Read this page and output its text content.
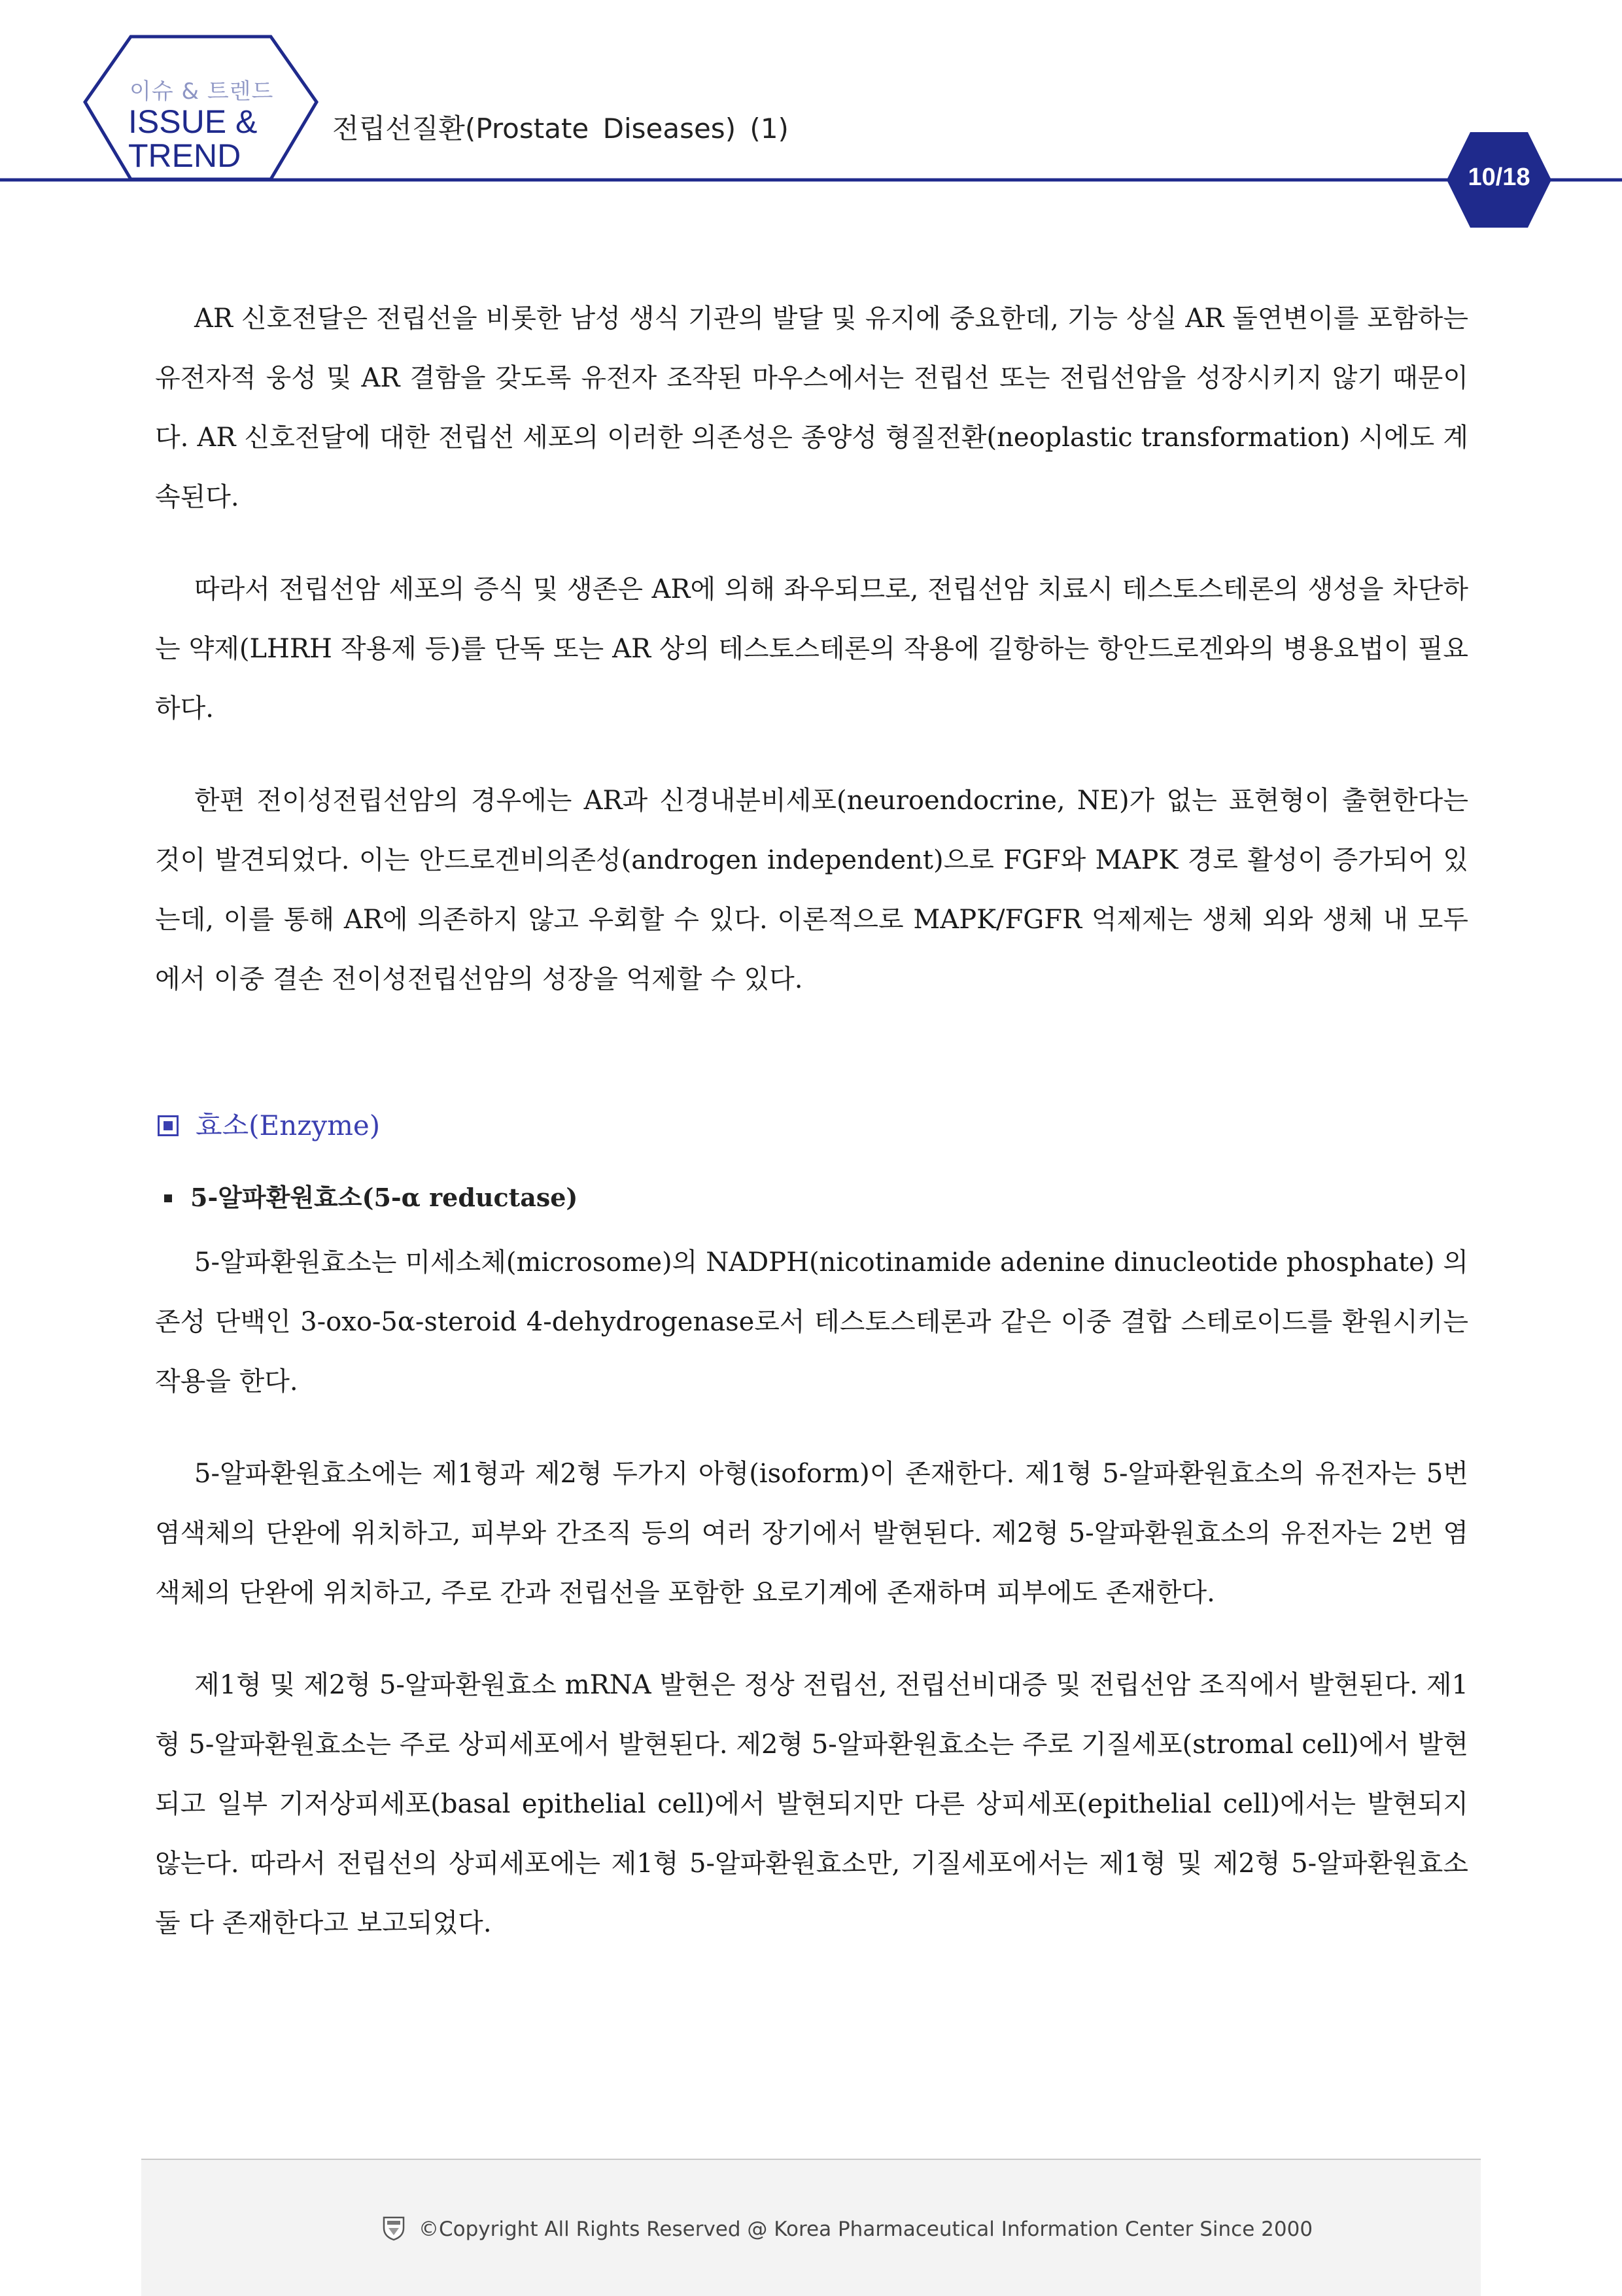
이슈 & 트렌드
ISSUE &
TREND
전립선질환(Prostate Diseases) (1)
10/18

AR 신호전달은 전립선을 비롯한 남성 생식 기관의 발달 및 유지에 중요한데, 기능 상실 AR 돌연변이를 포함하는 유전자적 웅성 및 AR 결함을 갖도록 유전자 조작된 마우스에서는 전립선 또는 전립선암을 성장시키지 않기 때문이다. AR 신호전달에 대한 전립선 세포의 이러한 의존성은 종양성 형질전환(neoplastic transformation) 시에도 계속된다.

따라서 전립선암 세포의 증식 및 생존은 AR에 의해 좌우되므로, 전립선암 치료시 테스토스테론의 생성을 차단하는 약제(LHRH 작용제 등)를 단독 또는 AR 상의 테스토스테론의 작용에 길항하는 항안드로겐와의 병용요법이 필요하다.

한편 전이성전립선암의 경우에는 AR과 신경내분비세포(neuroendocrine, NE)가 없는 표현형이 출현한다는 것이 발견되었다. 이는 안드로겐비의존성(androgen independent)으로 FGF와 MAPK 경로 활성이 증가되어 있는데, 이를 통해 AR에 의존하지 않고 우회할 수 있다. 이론적으로 MAPK/FGFR 억제제는 생체 외와 생체 내 모두에서 이중 결손 전이성전립선암의 성장을 억제할 수 있다.

효소(Enzyme)
5-알파환원효소(5-α reductase)

5-알파환원효소는 미세소체(microsome)의 NADPH(nicotinamide adenine dinucleotide phosphate) 의존성 단백인 3-oxo-5α-steroid 4-dehydrogenase로서 테스토스테론과 같은 이중 결합 스테로이드를 환원시키는 작용을 한다.

5-알파환원효소에는 제1형과 제2형 두가지 아형(isoform)이 존재한다. 제1형 5-알파환원효소의 유전자는 5번 염색체의 단완에 위치하고, 피부와 간조직 등의 여러 장기에서 발현된다. 제2형 5-알파환원효소의 유전자는 2번 염색체의 단완에 위치하고, 주로 간과 전립선을 포함한 요로기계에 존재하며 피부에도 존재한다.

제1형 및 제2형 5-알파환원효소 mRNA 발현은 정상 전립선, 전립선비대증 및 전립선암 조직에서 발현된다. 제1형 5-알파환원효소는 주로 상피세포에서 발현된다. 제2형 5-알파환원효소는 주로 기질세포(stromal cell)에서 발현되고 일부 기저상피세포(basal epithelial cell)에서 발현되지만 다른 상피세포(epithelial cell)에서는 발현되지 않는다. 따라서 전립선의 상피세포에는 제1형 5-알파환원효소만, 기질세포에서는 제1형 및 제2형 5-알파환원효소 둘 다 존재한다고 보고되었다.

©Copyright All Rights Reserved @ Korea Pharmaceutical Information Center Since 2000
